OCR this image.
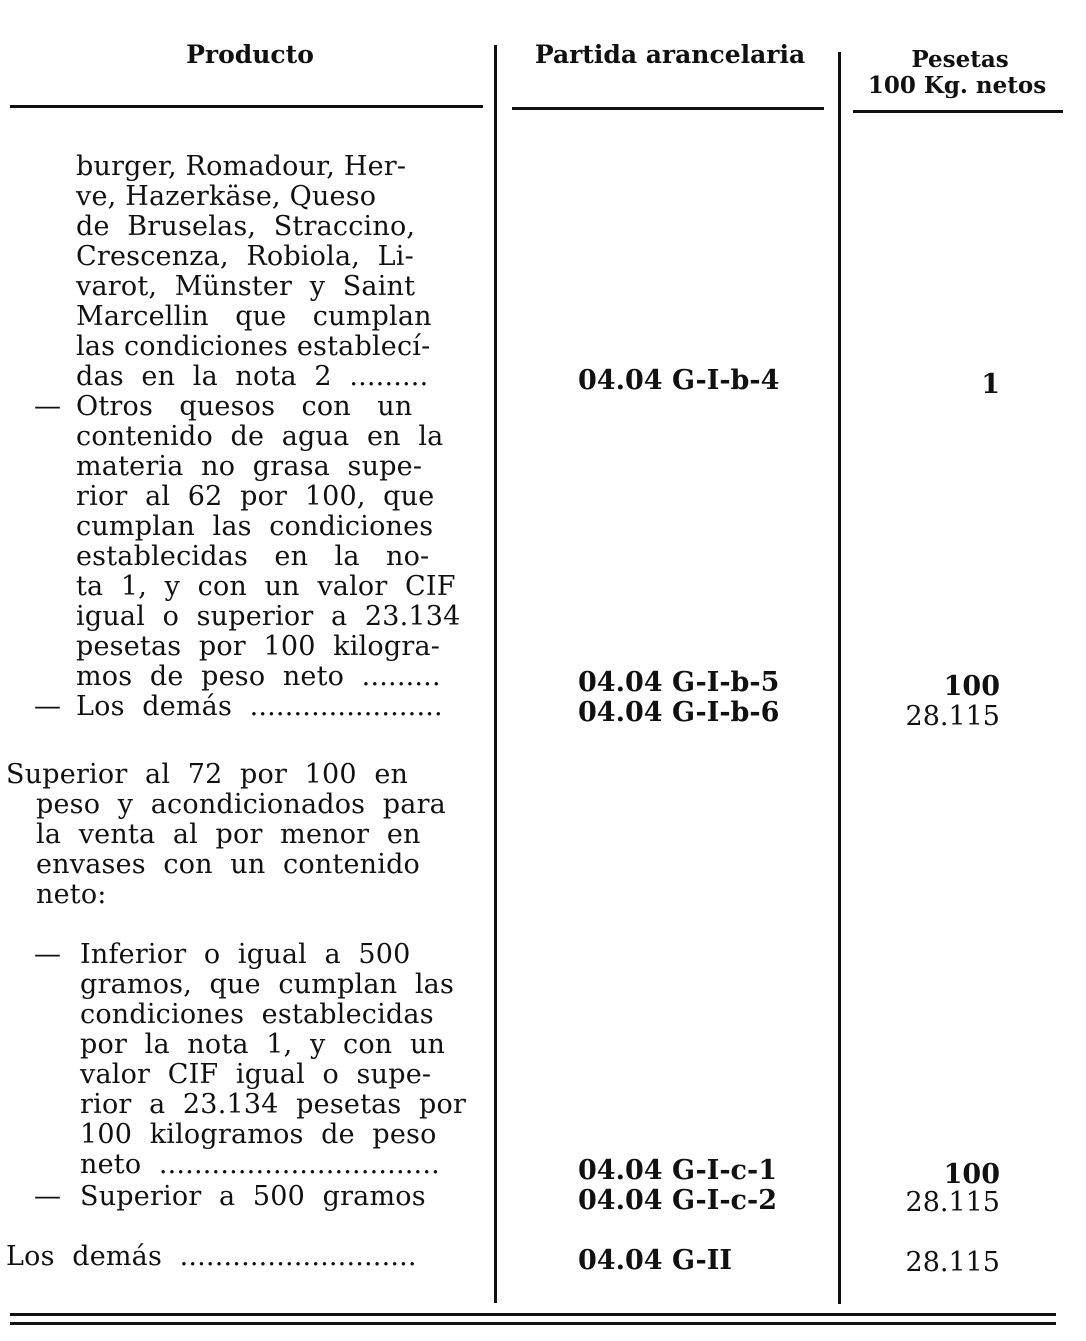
Producto	Partida arancelaria	Pesetas
100 Kg. netos
burger, Romadour, Her-
ve, Hazerkäse, Queso
de  Bruselas,  Straccino,
Crescenza,  Robiola,  Li-
varot,  Münster  y  Saint
Marcellin   que   cumplan
las condiciones establecí-
das  en  la  nota  2  .........
— Otros   quesos   con   un
contenido  de  agua  en  la
materia  no  grasa  supe-
rior  al  62  por  100,  que
cumplan  las  condiciones
establecidas   en   la   no-
ta  1,  y  con  un  valor  CIF
igual  o  superior  a  23.134
pesetas  por  100  kilogra-
mos  de  peso  neto  .........
— Los  demás  ......................
Superior  al  72  por  100  en
peso  y  acondicionados  para
la  venta  al  por  menor  en
envases  con  un  contenido
neto:
— Inferior  o  igual  a  500
gramos,  que  cumplan  las
condiciones  establecidas
por  la  nota  1,  y  con  un
valor  CIF  igual  o  supe-
rior  a  23.134  pesetas  por
100  kilogramos  de  peso
neto  ................................
— Superior  a  500  gramos
Los  demás  ...........................
04.04 G-I-b-4
04.04 G-I-b-5
04.04 G-I-b-6
04.04 G-I-c-1
04.04 G-I-c-2
04.04 G-II
1
100
28.115
100
28.115
28.115
